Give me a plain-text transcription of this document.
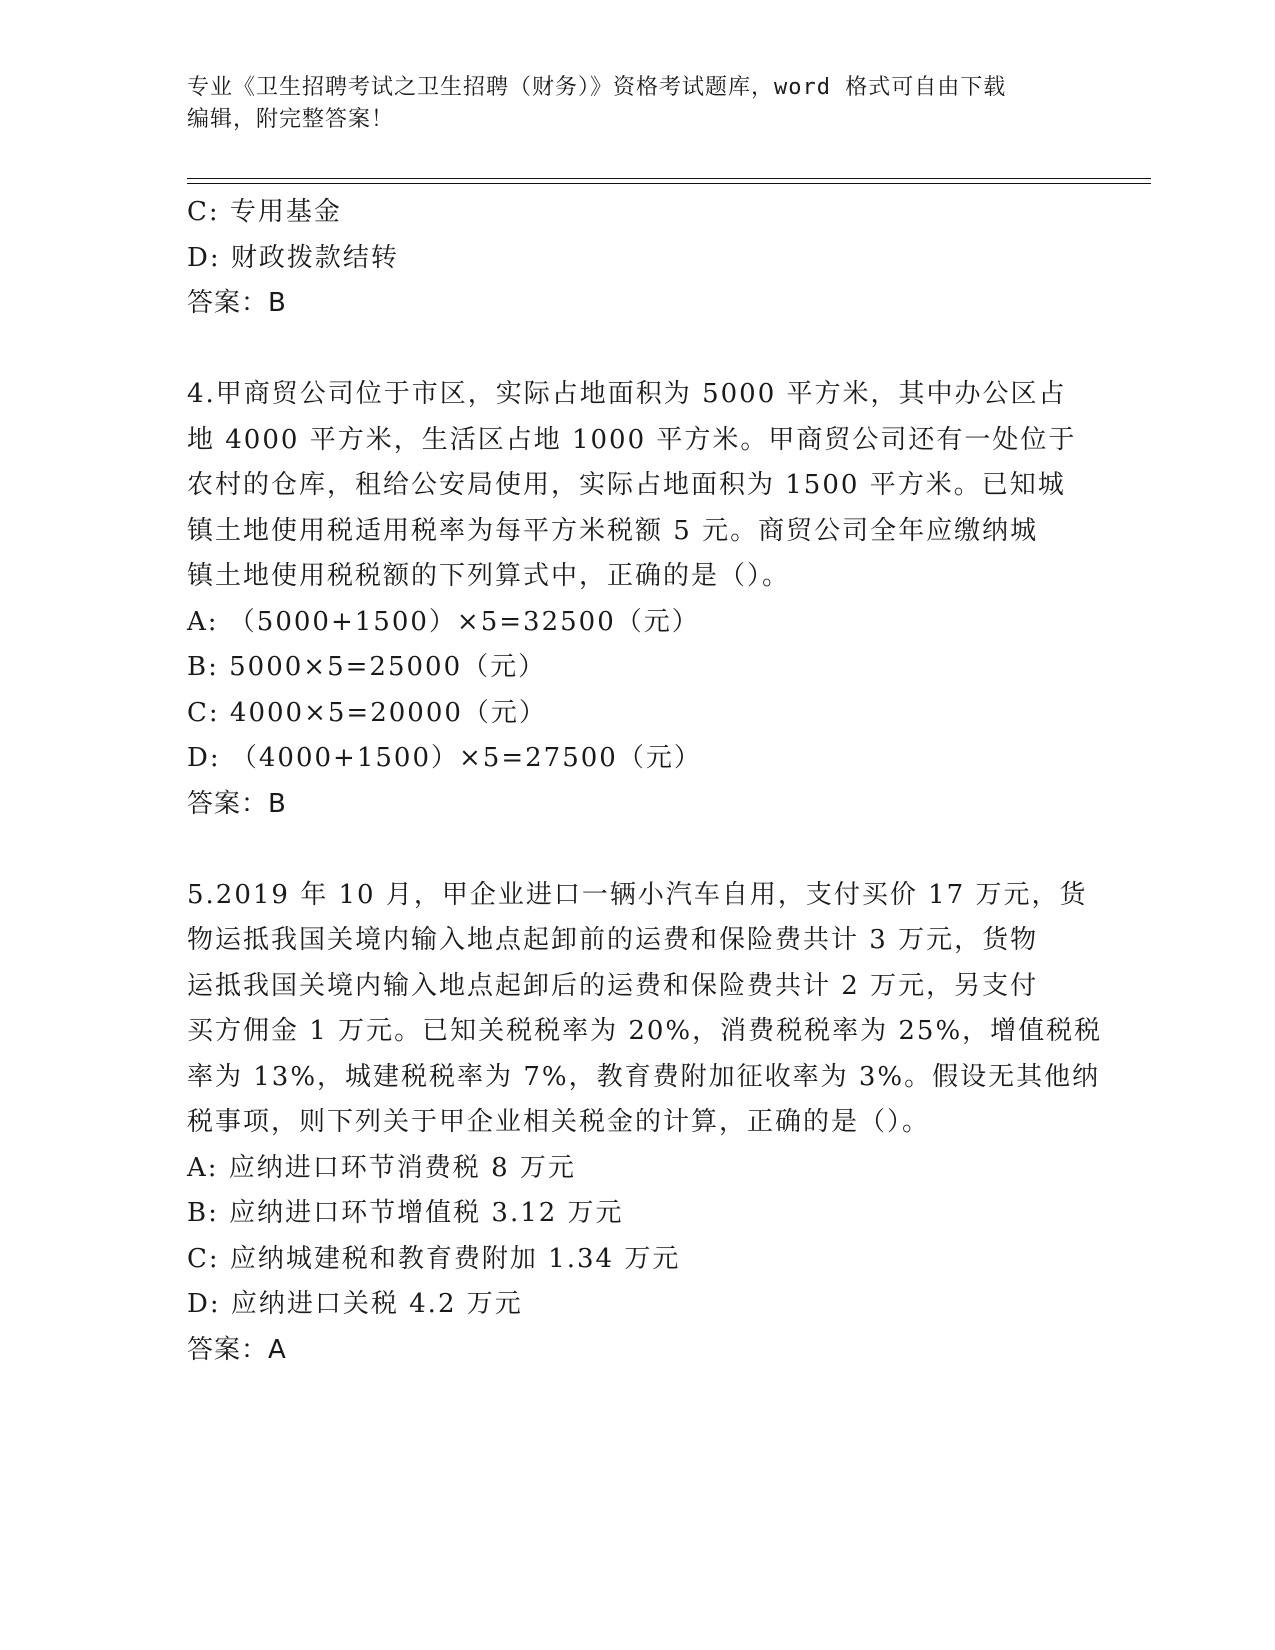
专业《卫生招聘考试之卫生招聘（财务）》资格考试题库，word 格式可自由下载
编辑，附完整答案！
C: 专用基金
D: 财政拨款结转
答案：B
4.甲商贸公司位于市区，实际占地面积为 5000 平方米，其中办公区占
地 4000 平方米，生活区占地 1000 平方米。甲商贸公司还有一处位于
农村的仓库，租给公安局使用，实际占地面积为 1500 平方米。已知城
镇土地使用税适用税率为每平方米税额 5 元。商贸公司全年应缴纳城
镇土地使用税税额的下列算式中，正确的是（）。
A: （5000+1500）×5=32500（元）
B: 5000×5=25000（元）
C: 4000×5=20000（元）
D: （4000+1500）×5=27500（元）
答案：B
5.2019 年 10 月，甲企业进口一辆小汽车自用，支付买价 17 万元，货
物运抵我国关境内输入地点起卸前的运费和保险费共计 3 万元，货物
运抵我国关境内输入地点起卸后的运费和保险费共计 2 万元，另支付
买方佣金 1 万元。已知关税税率为 20%，消费税税率为 25%，增值税税
率为 13%，城建税税率为 7%，教育费附加征收率为 3%。假设无其他纳
税事项，则下列关于甲企业相关税金的计算，正确的是（）。
A: 应纳进口环节消费税 8 万元
B: 应纳进口环节增值税 3.12 万元
C: 应纳城建税和教育费附加 1.34 万元
D: 应纳进口关税 4.2 万元
答案：A
